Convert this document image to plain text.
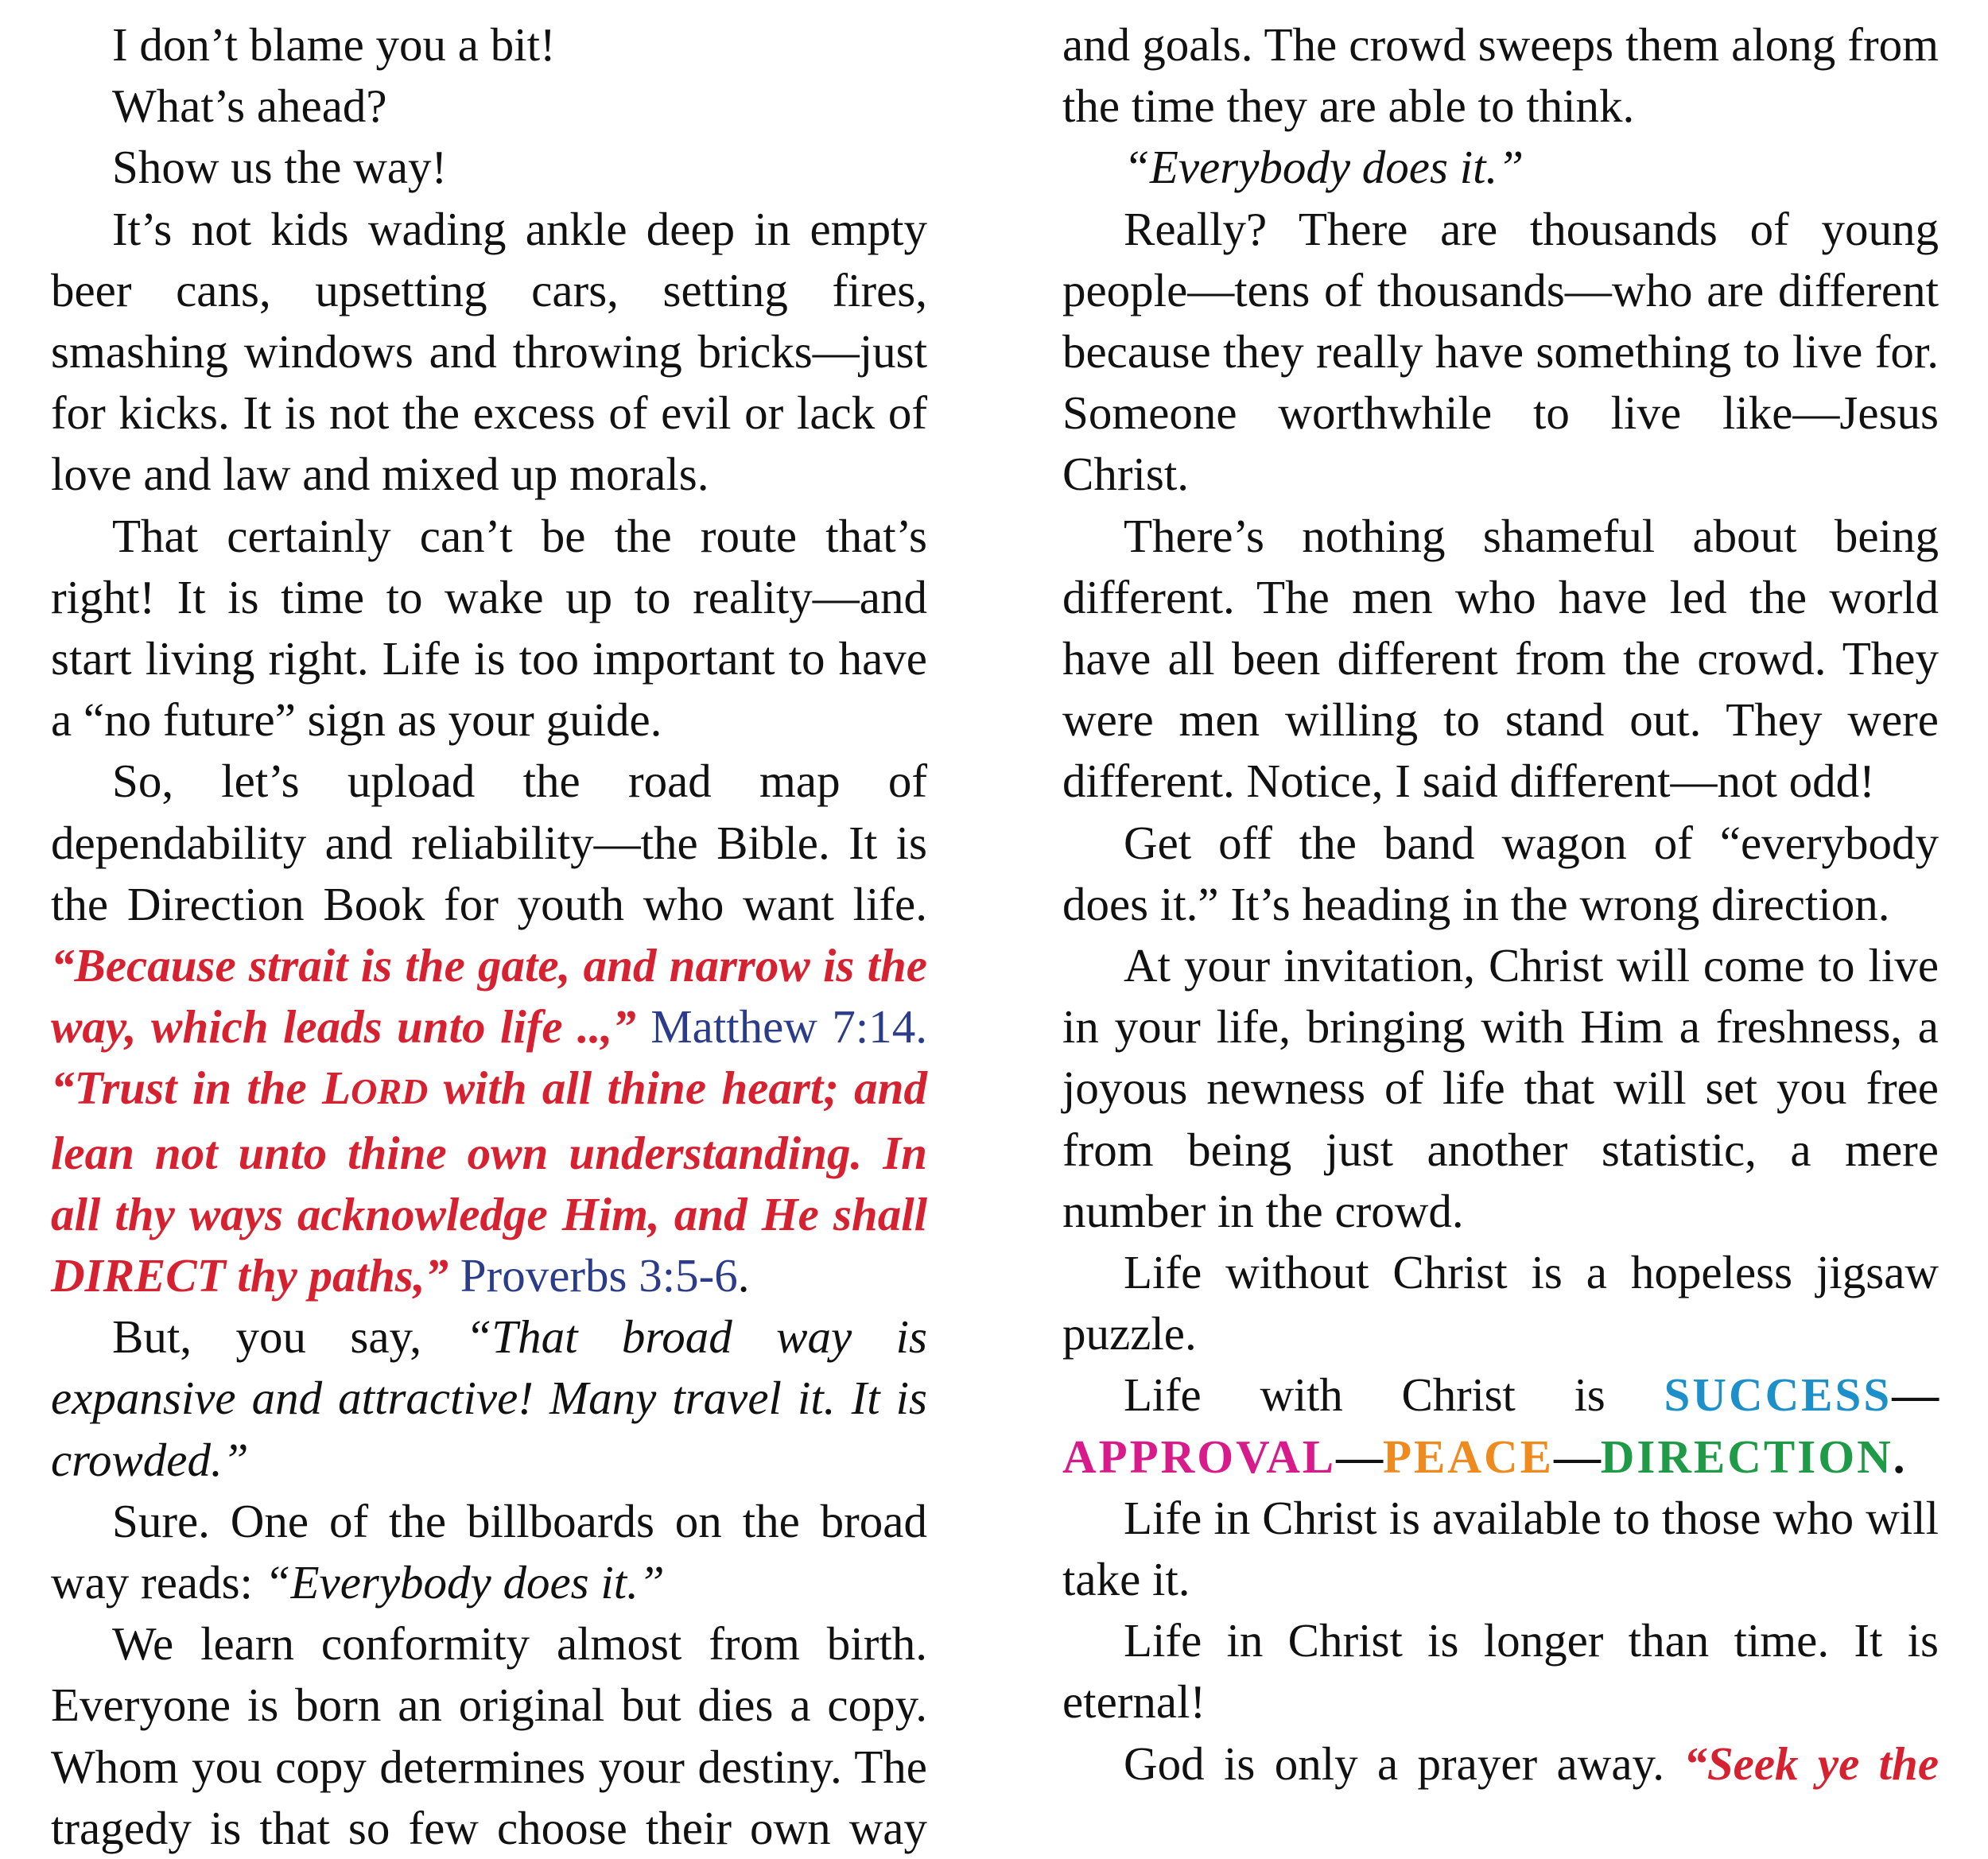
I don’t blame you a bit!

What’s ahead?

Show us the way!

It’s not kids wading ankle deep in empty beer cans, upsetting cars, setting fires, smashing windows and throwing bricks—just for kicks. It is not the excess of evil or lack of love and law and mixed up morals.

That certainly can’t be the route that’s right! It is time to wake up to reality—and start living right. Life is too important to have a “no future” sign as your guide.

So, let’s upload the road map of dependability and reliability—the Bible. It is the Direction Book for youth who want life. “Because strait is the gate, and narrow is the way, which leads unto life ..,” Matthew 7:14. “Trust in the LORD with all thine heart; and lean not unto thine own understanding. In all thy ways acknowledge Him, and He shall DIRECT thy paths,” Proverbs 3:5-6.

But, you say, “That broad way is expansive and attractive! Many travel it. It is crowded.”

Sure. One of the billboards on the broad way reads: “Everybody does it.”

We learn conformity almost from birth. Everyone is born an original but dies a copy. Whom you copy determines your destiny. The tragedy is that so few choose their own way

and goals. The crowd sweeps them along from the time they are able to think.

“Everybody does it.”

Really? There are thousands of young people—tens of thousands—who are different because they really have something to live for. Someone worthwhile to live like—Jesus Christ.

There’s nothing shameful about being different. The men who have led the world have all been different from the crowd. They were men willing to stand out. They were different. Notice, I said different—not odd!

Get off the band wagon of “everybody does it.” It’s heading in the wrong direction.

At your invitation, Christ will come to live in your life, bringing with Him a freshness, a joyous newness of life that will set you free from being just another statistic, a mere number in the crowd.

Life without Christ is a hopeless jigsaw puzzle.

Life with Christ is SUCCESS—APPROVAL—PEACE—DIRECTION.

Life in Christ is available to those who will take it.

Life in Christ is longer than time. It is eternal!

God is only a prayer away. “Seek ye the
